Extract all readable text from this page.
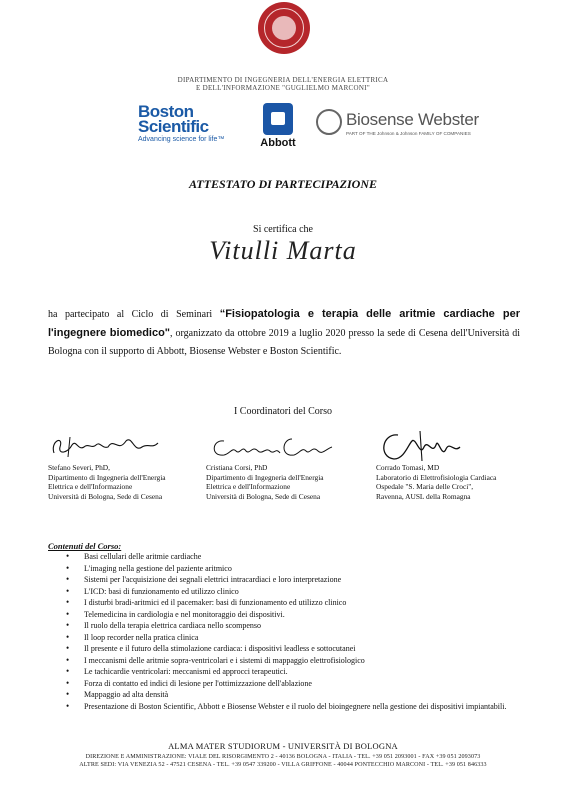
DIPARTIMENTO DI INGEGNERIA DELL'ENERGIA ELETTRICA
E DELL'INFORMAZIONE "GUGLIELMO MARCONI"
Boston
Scientific
Advancing science for life™	Abbott
Biosense Webster
PART OF THE Johnson & Johnson FAMILY OF COMPANIES
ATTESTATO DI PARTECIPAZIONE
Si certifica che
Vitulli Marta
ha partecipato al Ciclo di Seminari “Fisiopatologia e terapia delle aritmie cardiache per l'ingegnere biomedico", organizzato da ottobre 2019 a luglio 2020 presso la sede di Cesena dell'Università di Bologna con il supporto di Abbott, Biosense Webster e Boston Scientific.
I Coordinatori del Corso
Stefano Severi, PhD,
Dipartimento di Ingegneria dell'Energia
Elettrica e dell'Informazione
Università di Bologna, Sede di Cesena
Cristiana Corsi, PhD
Dipartimento di Ingegneria dell'Energia
Elettrica e dell'Informazione
Università di Bologna, Sede di Cesena
Corrado Tomasi, MD
Laboratorio di Elettrofisiologia Cardiaca
Ospedale "S. Maria delle Croci",
Ravenna, AUSL della Romagna
Contenuti del Corso:
• Basi cellulari delle aritmie cardiache
• L'imaging nella gestione del paziente aritmico
• Sistemi per l'acquisizione dei segnali elettrici intracardiaci e loro interpretazione
• L'ICD: basi di funzionamento ed utilizzo clinico
• I disturbi bradi-aritmici ed il pacemaker: basi di funzionamento ed utilizzo clinico
• Telemedicina in cardiologia e nel monitoraggio dei dispositivi.
• Il ruolo della terapia elettrica cardiaca nello scompenso
• Il loop recorder nella pratica clinica
• Il presente e il futuro della stimolazione cardiaca: i dispositivi leadless e sottocutanei
• I meccanismi delle aritmie sopra-ventricolari e i sistemi di mappaggio elettrofisiologico
• Le tachicardie ventricolari: meccanismi ed approcci terapeutici.
• Forza di contatto ed indici di lesione per l'ottimizzazione dell'ablazione
• Mappaggio ad alta densità
• Presentazione di Boston Scientific, Abbott e Biosense Webster e il ruolo del bioingegnere nella gestione dei dispositivi impiantabili.
ALMA MATER STUDIORUM - UNIVERSITÀ DI BOLOGNA
DIREZIONE E AMMINISTRAZIONE: VIALE DEL RISORGIMENTO 2 - 40136 BOLOGNA - ITALIA - TEL. +39 051 2093001 - FAX +39 051 2093073
ALTRE SEDI: VIA VENEZIA 52 - 47521 CESENA - TEL. +39 0547 339200 - VILLA GRIFFONE - 40044 PONTECCHIO MARCONI - TEL. +39 051 846333
